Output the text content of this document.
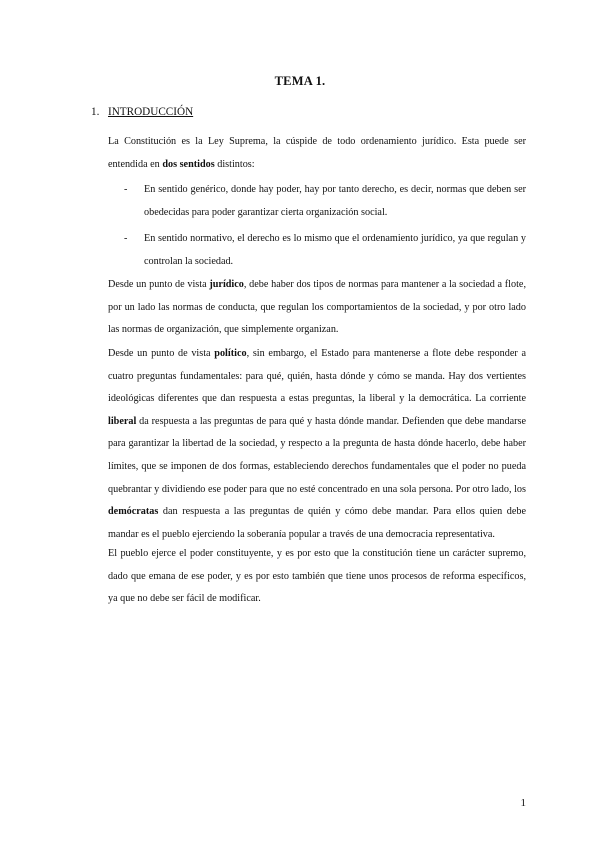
TEMA 1.
1. INTRODUCCIÓN

La Constitución es la Ley Suprema, la cúspide de todo ordenamiento jurídico. Esta puede ser entendida en dos sentidos distintos:

- En sentido genérico, donde hay poder, hay por tanto derecho, es decir, normas que deben ser obedecidas para poder garantizar cierta organización social.
- En sentido normativo, el derecho es lo mismo que el ordenamiento jurídico, ya que regulan y controlan la sociedad.

Desde un punto de vista jurídico, debe haber dos tipos de normas para mantener a la sociedad a flote, por un lado las normas de conducta, que regulan los comportamientos de la sociedad, y por otro lado las normas de organización, que simplemente organizan.

Desde un punto de vista político, sin embargo, el Estado para mantenerse a flote debe responder a cuatro preguntas fundamentales: para qué, quién, hasta dónde y cómo se manda. Hay dos vertientes ideológicas diferentes que dan respuesta a estas preguntas, la liberal y la democrática. La corriente liberal da respuesta a las preguntas de para qué y hasta dónde mandar. Defienden que debe mandarse para garantizar la libertad de la sociedad, y respecto a la pregunta de hasta dónde hacerlo, debe haber límites, que se imponen de dos formas, estableciendo derechos fundamentales que el poder no pueda quebrantar y dividiendo ese poder para que no esté concentrado en una sola persona. Por otro lado, los demócratas dan respuesta a las preguntas de quién y cómo debe mandar. Para ellos quien debe mandar es el pueblo ejerciendo la soberanía popular a través de una democracia representativa.

El pueblo ejerce el poder constituyente, y es por esto que la constitución tiene un carácter supremo, dado que emana de ese poder, y es por esto también que tiene unos procesos de reforma específicos, ya que no debe ser fácil de modificar.

1
